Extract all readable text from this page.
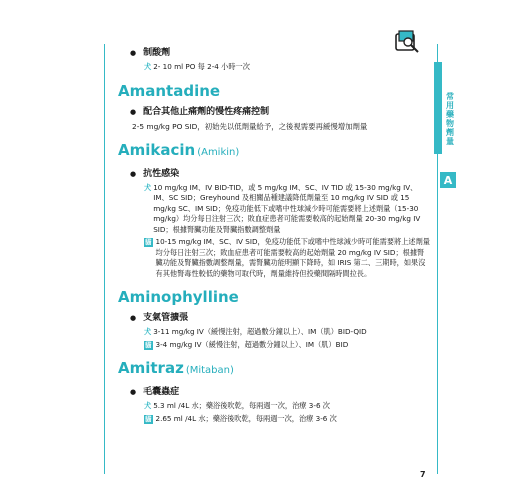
● 制酸劑
犬 2- 10 ml PO 每 2-4 小時一次
Amantadine
● 配合其他止痛劑的慢性疼痛控制
2-5 mg/kg PO SID，初始先以低劑量給予，之後視需要再緩慢增加劑量
Amikacin (Amikin)
● 抗性感染
犬 10 mg/kg IM、IV BID-TID，或 5 mg/kg IM、SC、IV TID 或 15-30 mg/kg IV、IM、SC SID；Greyhound 及相關品種建議降低劑量至 10 mg/kg IV SID 或 15 mg/kg SC、IM SID；免疫功能低下或嗜中性球減少時可能需要將上述劑量（15-30 mg/kg）均分每日注射三次；敗血症患者可能需要較高的起始劑量 20-30 mg/kg IV SID；根據腎臟功能及腎臟指數調整劑量
貓 10-15 mg/kg IM、SC、IV SID，免疫功能低下或嗜中性球減少時可能需要將上述劑量均分每日注射三次；敗血症患者可能需要較高的起始劑量 20 mg/kg IV SID；根據腎臟功能及腎臟指數調整劑量，需腎臟功能明顯下降時，如 IRIS 第二、三期時，如果沒有其他腎毒性較低的藥物可取代時，劑量維持但投藥間隔時間拉長。
Aminophylline
● 支氣管擴張
犬 3-11 mg/kg IV（緩慢注射，超過數分鐘以上）、IM（肌）BID-QID
貓 3-4 mg/kg IV（緩慢注射，超過數分鐘以上）、IM（肌）BID
Amitraz (Mitaban)
● 毛囊蟲症
犬 5.3 ml /4L 水；藥浴後吹乾，每兩週一次，治療 3-6 次
貓 2.65 ml /4L 水；藥浴後吹乾，每兩週一次，治療 3-6 次
常用藥物劑量
A
7
